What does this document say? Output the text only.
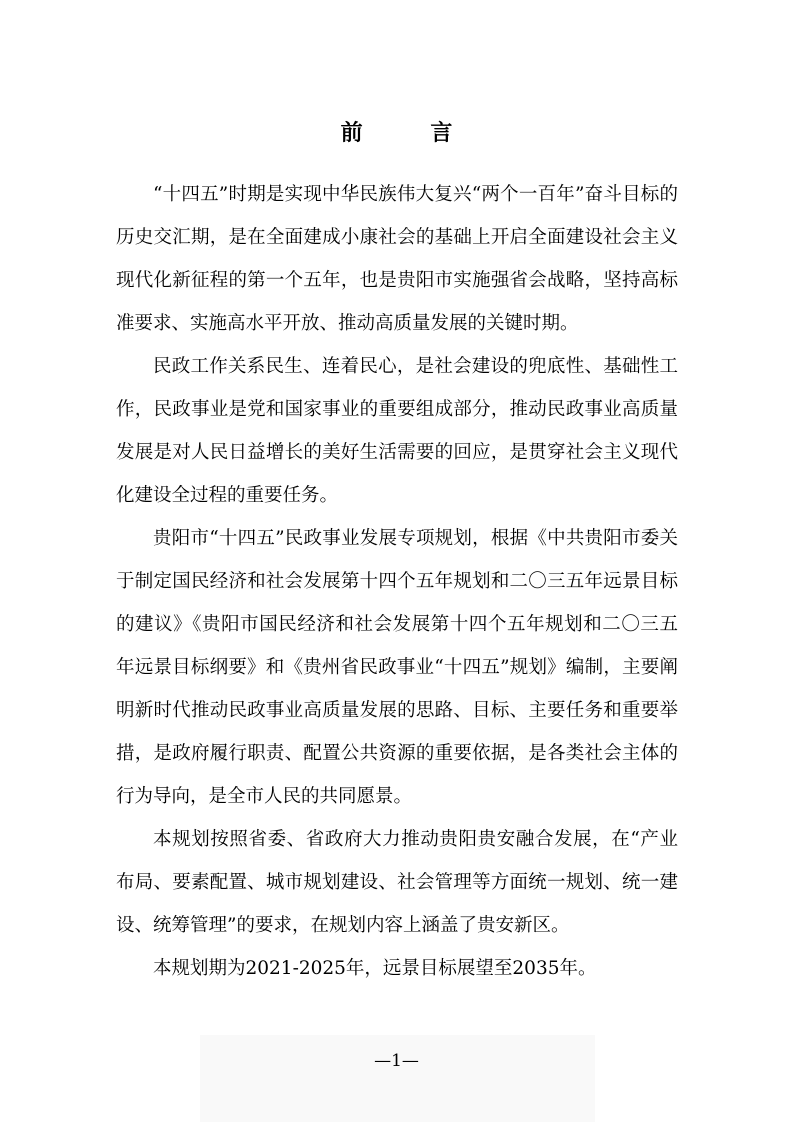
前 言

“十四五”时期是实现中华民族伟大复兴“两个一百年”奋斗目标的历史交汇期，是在全面建成小康社会的基础上开启全面建设社会主义现代化新征程的第一个五年，也是贵阳市实施强省会战略，坚持高标准要求、实施高水平开放、推动高质量发展的关键时期。

民政工作关系民生、连着民心，是社会建设的兜底性、基础性工作，民政事业是党和国家事业的重要组成部分，推动民政事业高质量发展是对人民日益增长的美好生活需要的回应，是贯穿社会主义现代化建设全过程的重要任务。

贵阳市“十四五”民政事业发展专项规划，根据《中共贵阳市委关于制定国民经济和社会发展第十四个五年规划和二〇三五年远景目标的建议》《贵阳市国民经济和社会发展第十四个五年规划和二〇三五年远景目标纲要》和《贵州省民政事业“十四五”规划》编制，主要阐明新时代推动民政事业高质量发展的思路、目标、主要任务和重要举措，是政府履行职责、配置公共资源的重要依据，是各类社会主体的行为导向，是全市人民的共同愿景。

本规划按照省委、省政府大力推动贵阳贵安融合发展，在“产业布局、要素配置、城市规划建设、社会管理等方面统一规划、统一建设、统筹管理”的要求，在规划内容上涵盖了贵安新区。

本规划期为2021-2025年，远景目标展望至2035年。

—1—
